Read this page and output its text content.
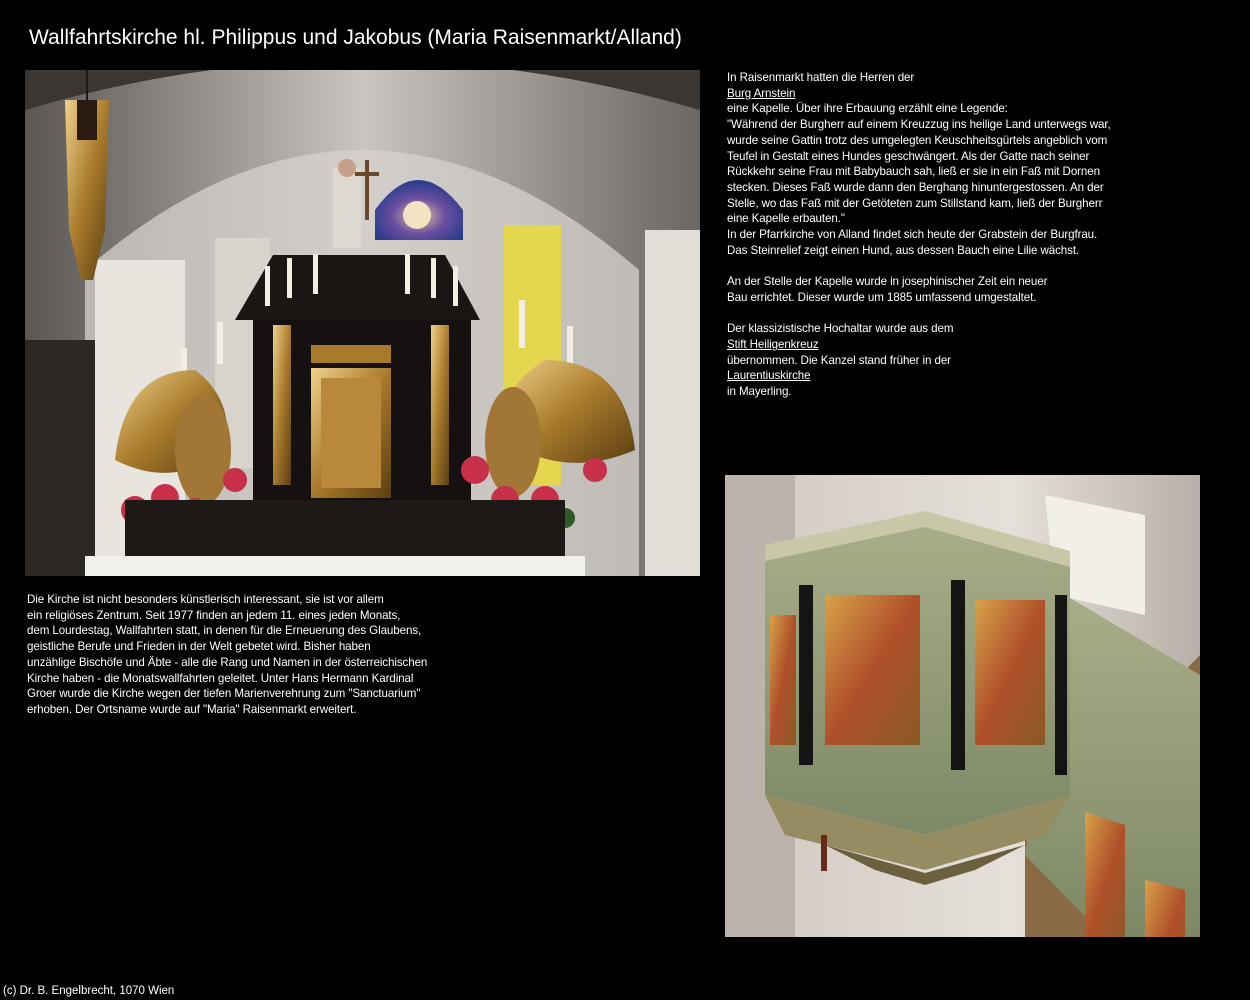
Wallfahrtskirche hl. Philippus und Jakobus (Maria Raisenmarkt/Alland)

In Raisenmarkt hatten die Herren der

Burg Arnstein

eine Kapelle. Über ihre Erbauung erzählt eine Legende:

"Während der Burgherr auf einem Kreuzzug ins heilige Land unterwegs war,

wurde seine Gattin trotz des umgelegten Keuschheitsgürtels angeblich vom

Teufel in Gestalt eines Hundes geschwängert. Als der Gatte nach seiner

Rückkehr seine Frau mit Babybauch sah, ließ er sie in ein Faß mit Dornen

stecken. Dieses Faß wurde dann den Berghang hinuntergestossen. An der

Stelle, wo das Faß mit der Getöteten zum Stillstand kam, ließ der Burgherr

eine Kapelle erbauten."

In der Pfarrkirche von Alland findet sich heute der Grabstein der Burgfrau.

Das Steinrelief zeigt einen Hund, aus dessen Bauch eine Lilie wächst.

An der Stelle der Kapelle wurde in josephinischer Zeit ein neuer

Bau errichtet. Dieser wurde um 1885 umfassend umgestaltet.

Der klassizistische Hochaltar wurde aus dem

Stift Heiligenkreuz

übernommen. Die Kanzel stand früher in der

Laurentiuskirche

in Mayerling.

Die Kirche ist nicht besonders künstlerisch interessant, sie ist vor allem

ein religiöses Zentrum. Seit 1977 finden an jedem 11. eines jeden Monats,

dem Lourdestag, Wallfahrten statt, in denen für die Erneuerung des Glaubens,

geistliche Berufe und Frieden in der Welt gebetet wird. Bisher haben

unzählige Bischöfe und Äbte - alle die Rang und Namen in der österreichischen

Kirche haben - die Monatswallfahrten geleitet. Unter Hans Hermann Kardinal

Groer wurde die Kirche wegen der tiefen Marienverehrung zum "Sanctuarium"

erhoben. Der Ortsname wurde auf "Maria" Raisenmarkt erweitert.

(c) Dr. B. Engelbrecht, 1070 Wien
